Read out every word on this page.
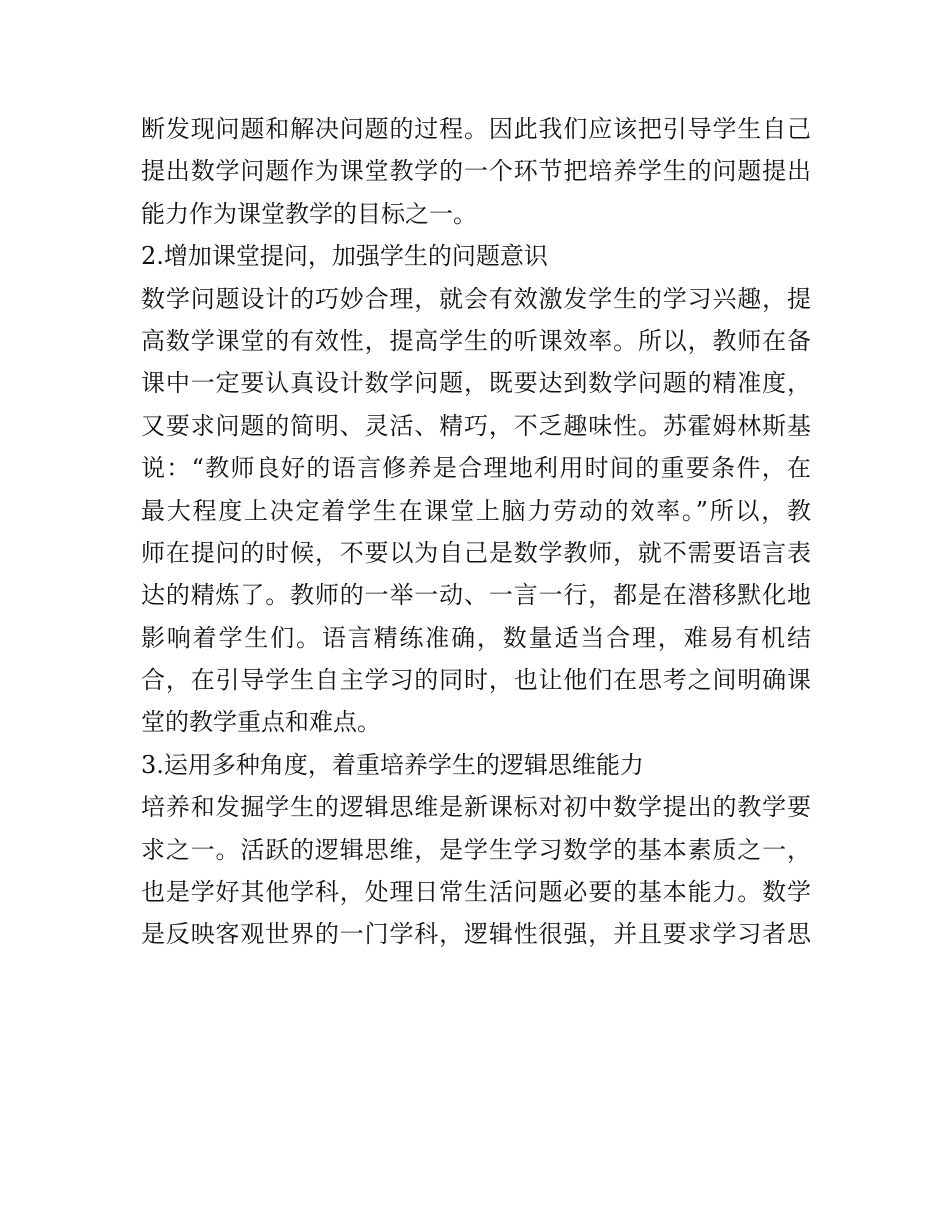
断发现问题和解决问题的过程。因此我们应该把引导学生自己
提出数学问题作为课堂教学的一个环节把培养学生的问题提出
能力作为课堂教学的目标之一。
2.增加课堂提问，加强学生的问题意识
数学问题设计的巧妙合理，就会有效激发学生的学习兴趣，提
高数学课堂的有效性，提高学生的听课效率。所以，教师在备
课中一定要认真设计数学问题，既要达到数学问题的精准度，
又要求问题的简明、灵活、精巧，不乏趣味性。苏霍姆林斯基
说：“教师良好的语言修养是合理地利用时间的重要条件，在
最大程度上决定着学生在课堂上脑力劳动的效率。”所以，教
师在提问的时候，不要以为自己是数学教师，就不需要语言表
达的精炼了。教师的一举一动、一言一行，都是在潜移默化地
影响着学生们。语言精练准确，数量适当合理，难易有机结
合，在引导学生自主学习的同时，也让他们在思考之间明确课
堂的教学重点和难点。
3.运用多种角度，着重培养学生的逻辑思维能力
培养和发掘学生的逻辑思维是新课标对初中数学提出的教学要
求之一。活跃的逻辑思维，是学生学习数学的基本素质之一，
也是学好其他学科，处理日常生活问题必要的基本能力。数学
是反映客观世界的一门学科，逻辑性很强，并且要求学习者思
